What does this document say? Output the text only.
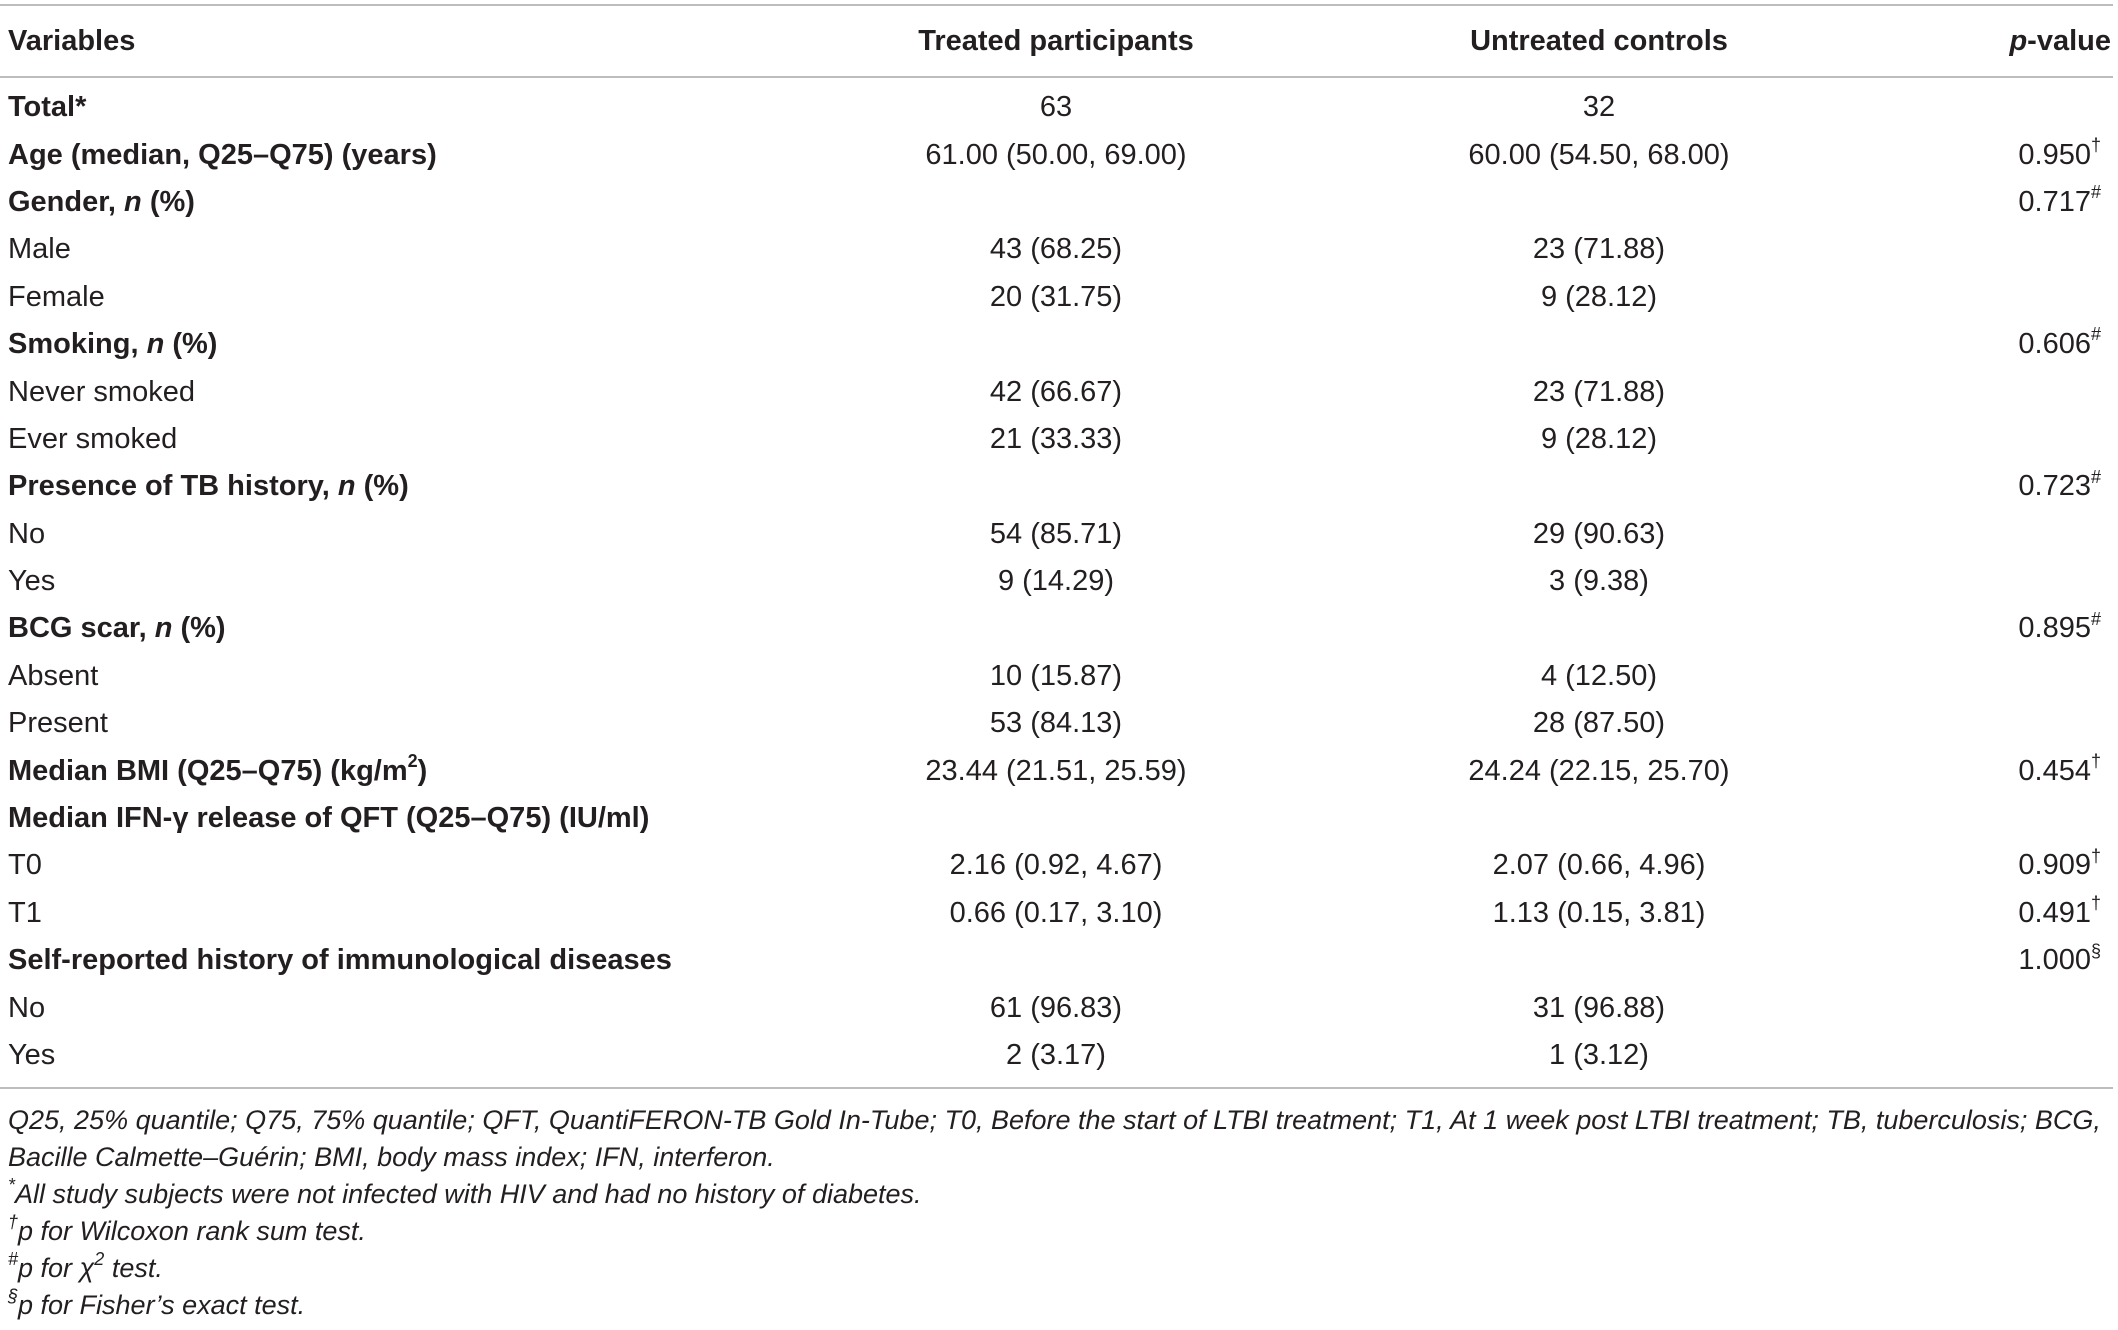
Variables	Treated participants	Untreated controls	p-value
Total*	63	32	
Age (median, Q25–Q75) (years)	61.00 (50.00, 69.00)	60.00 (54.50, 68.00)	0.950†
Gender, n (%)			0.717#
Male	43 (68.25)	23 (71.88)	
Female	20 (31.75)	9 (28.12)	
Smoking, n (%)			0.606#
Never smoked	42 (66.67)	23 (71.88)	
Ever smoked	21 (33.33)	9 (28.12)	
Presence of TB history, n (%)			0.723#
No	54 (85.71)	29 (90.63)	
Yes	9 (14.29)	3 (9.38)	
BCG scar, n (%)			0.895#
Absent	10 (15.87)	4 (12.50)	
Present	53 (84.13)	28 (87.50)	
Median BMI (Q25–Q75) $(kg/m^2)$	23.44 (21.51, 25.59)	24.24 (22.15, 25.70)	0.454†
Median IFN-γ release of QFT (Q25–Q75) (IU/ml)			
T0	2.16 (0.92, 4.67)	2.07 (0.66, 4.96)	0.909†
T1	0.66 (0.17, 3.10)	1.13 (0.15, 3.81)	0.491†
Self-reported history of immunological diseases			1.000§
No	61 (96.83)	31 (96.88)	
Yes	2 (3.17)	1 (3.12)	

Q25, 25% quantile; Q75, 75% quantile; QFT, QuantiFERON-TB Gold In-Tube; T0, Before the start of LTBI treatment; T1, At 1 week post LTBI treatment; TB, tuberculosis; BCG, Bacille Calmette–Guérin; BMI, body mass index; IFN, interferon.

*All study subjects were not infected with HIV and had no history of diabetes.

†p for Wilcoxon rank sum test.

#p for $\chi^2$ test.

§p for Fisher’s exact test.
